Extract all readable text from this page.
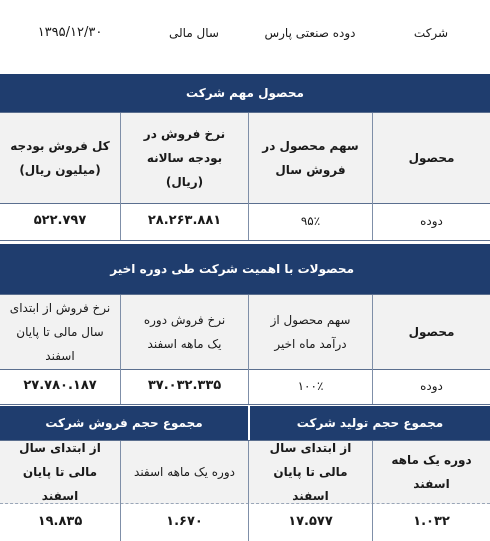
شرکت
دوده صنعتی پارس
سال مالی
۱۳۹۵/۱۲/۳۰
محصول مهم شرکت
محصول
سهم محصول در فروش سال
نرخ فروش در بودجه سالانه (ریال)
کل فروش بودجه (میلیون ریال)
دوده
۹۵٪
۲۸.۲۶۳.۸۸۱
۵۲۲.۷۹۷
محصولات با اهمیت شرکت طی دوره اخیر
محصول
سهم محصول از درآمد ماه اخیر
نرخ فروش دوره یک ماهه اسفند
نرخ فروش از ابتدای سال مالی تا پایان اسفند
دوده
۱۰۰٪
۳۷.۰۳۲.۳۳۵
۲۷.۷۸۰.۱۸۷
مجموع حجم تولید شرکت
مجموع حجم فروش شرکت
دوره یک ماهه اسفند
از ابتدای سال مالی تا پایان اسفند
دوره یک ماهه اسفند
از ابتدای سال مالی تا پایان اسفند
۱.۰۳۲
۱۷.۵۷۷
۱.۶۷۰
۱۹.۸۳۵
